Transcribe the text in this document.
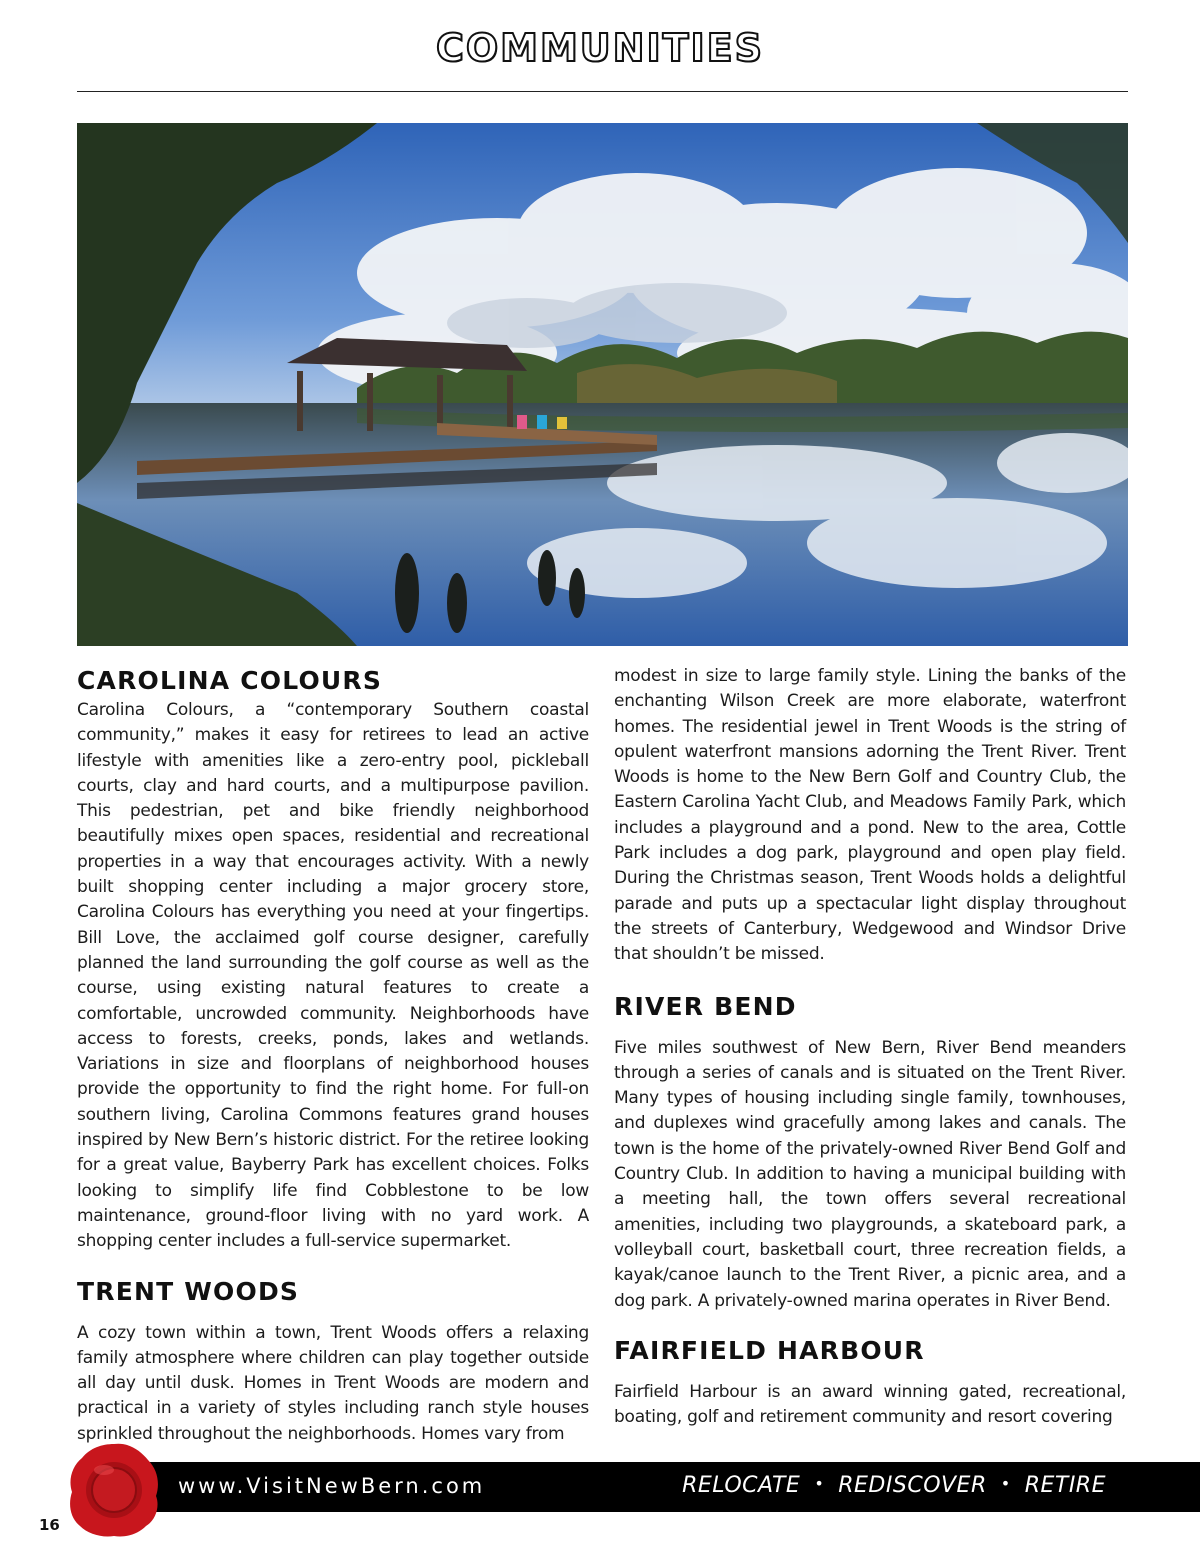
COMMUNITIES
CAROLINA COLOURS

Carolina Colours, a “contemporary Southern coastal community,” makes it easy for retirees to lead an active lifestyle with amenities like a zero-entry pool, pickleball courts, clay and hard courts, and a multipurpose pavilion. This pedestrian, pet and bike friendly neighborhood beautifully mixes open spaces, residential and recreational properties in a way that encourages activity. With a newly built shopping center including a major grocery store, Carolina Colours has everything you need at your fingertips. Bill Love, the acclaimed golf course designer, carefully planned the land surrounding the golf course as well as the course, using existing natural features to create a comfortable, uncrowded community. Neighborhoods have access to forests, creeks, ponds, lakes and wetlands. Variations in size and floorplans of neighborhood houses provide the opportunity to find the right home. For full-on southern living, Carolina Commons features grand houses inspired by New Bern’s historic district. For the retiree looking for a great value, Bayberry Park has excellent choices. Folks looking to simplify life find Cobblestone to be low maintenance, ground-floor living with no yard work. A shopping center includes a full-service supermarket.

TRENT WOODS

A cozy town within a town, Trent Woods offers a relaxing family atmosphere where children can play together outside all day until dusk. Homes in Trent Woods are modern and practical in a variety of styles including ranch style houses sprinkled throughout the neighborhoods. Homes vary from

modest in size to large family style. Lining the banks of the enchanting Wilson Creek are more elaborate, waterfront homes. The residential jewel in Trent Woods is the string of opulent waterfront mansions adorning the Trent River. Trent Woods is home to the New Bern Golf and Country Club, the Eastern Carolina Yacht Club, and Meadows Family Park, which includes a playground and a pond. New to the area, Cottle Park includes a dog park, playground and open play field. During the Christmas season, Trent Woods holds a delightful parade and puts up a spectacular light display throughout the streets of Canterbury, Wedgewood and Windsor Drive that shouldn’t be missed.

RIVER BEND

Five miles southwest of New Bern, River Bend meanders through a series of canals and is situated on the Trent River. Many types of housing including single family, townhouses, and duplexes wind gracefully among lakes and canals. The town is the home of the privately-owned River Bend Golf and Country Club. In addition to having a municipal building with a meeting hall, the town offers several recreational amenities, including two playgrounds, a skateboard park, a volleyball court, basketball court, three recreation fields, a kayak/canoe launch to the Trent River, a picnic area, and a dog park. A privately-owned marina operates in River Bend.

FAIRFIELD HARBOUR

Fairfield Harbour is an award winning gated, recreational, boating, golf and retirement community and resort covering

www.VisitNewBern.com	RELOCATE • REDISCOVER • RETIRE
16
